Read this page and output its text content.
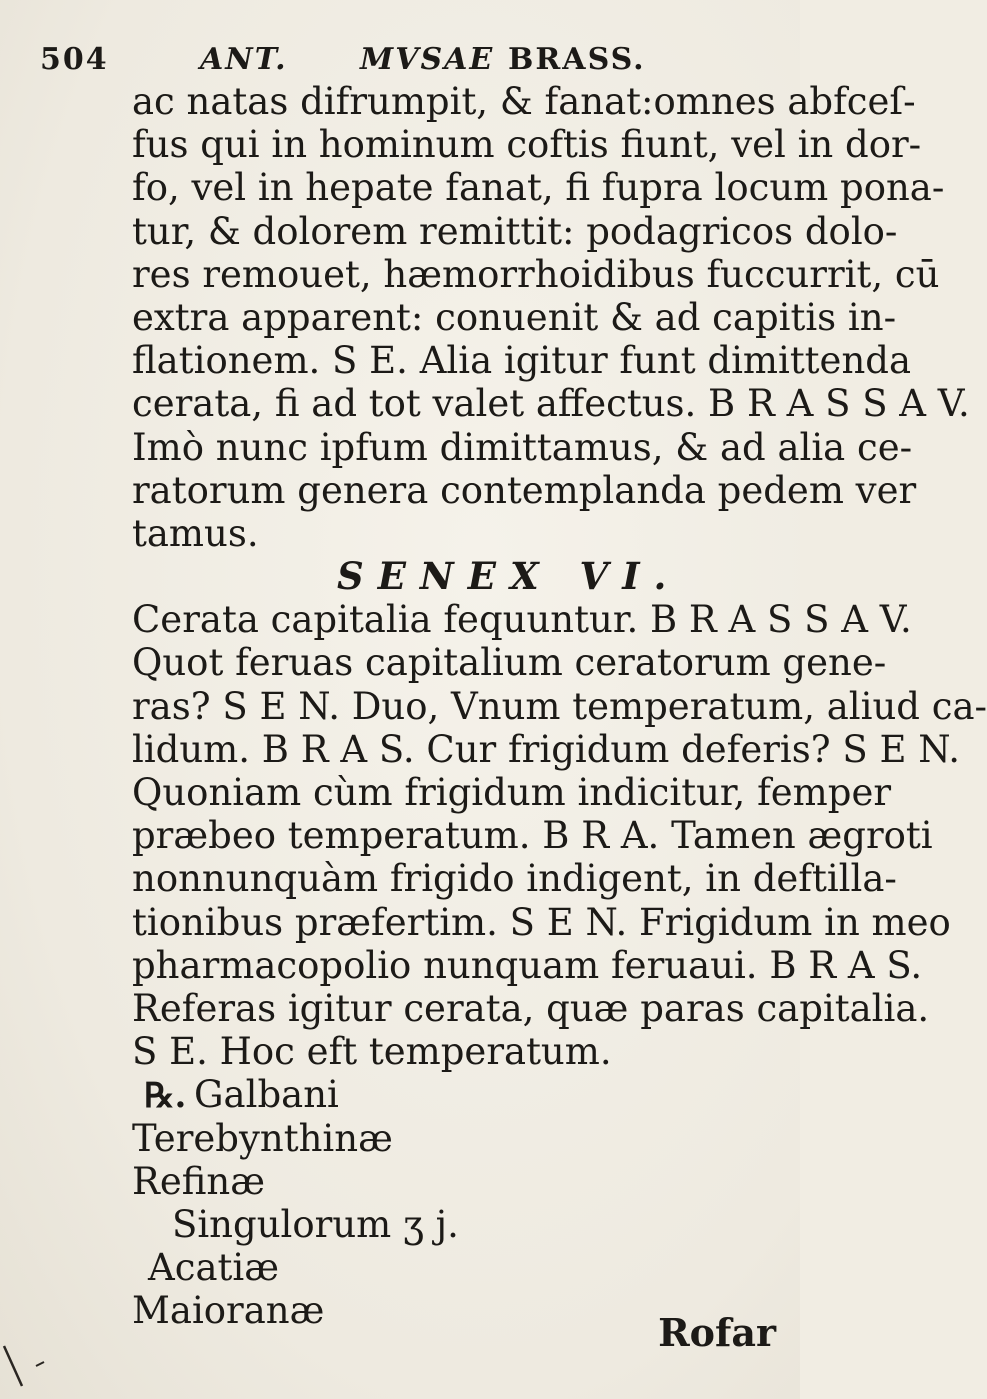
504	ANT. MVSAE BRASS.
ac natas difrumpit, & fanat:omnes abfceſ-
fus qui in hominum coftis fiunt, vel in dor-
fo, vel in hepate fanat, fi fupra locum pona-
tur, & dolorem remittit: podagricos dolo-
res remouet, hæmorrhoidibus fuccurrit, cū
extra apparent: conuenit & ad capitis in-
flationem. S E. Alia igitur funt dimittenda
cerata, fi ad tot valet affectus. B R A S S A V.
Imò nunc ipfum dimittamus, & ad alia ce-
ratorum genera contemplanda pedem ver
tamus.
SENEX VI.
Cerata capitalia fequuntur. B R A S S A V.
Quot feruas capitalium ceratorum gene-
ras? S E N. Duo, Vnum temperatum, aliud ca-
lidum. B R A S. Cur frigidum deferis? S E N.
Quoniam cùm frigidum indicitur, femper
præbeo temperatum. B R A. Tamen ægroti
nonnunquàm frigido indigent, in deftilla-
tionibus præfertim. S E N. Frigidum in meo
pharmacopolio nunquam feruaui. B R A S.
Referas igitur cerata, quæ paras capitalia.
S E. Hoc eft temperatum.
℞. Galbani
Terebynthinæ
Refinæ
Singulorum ʒ j.
Acatiæ
Maioranæ	Rofar
